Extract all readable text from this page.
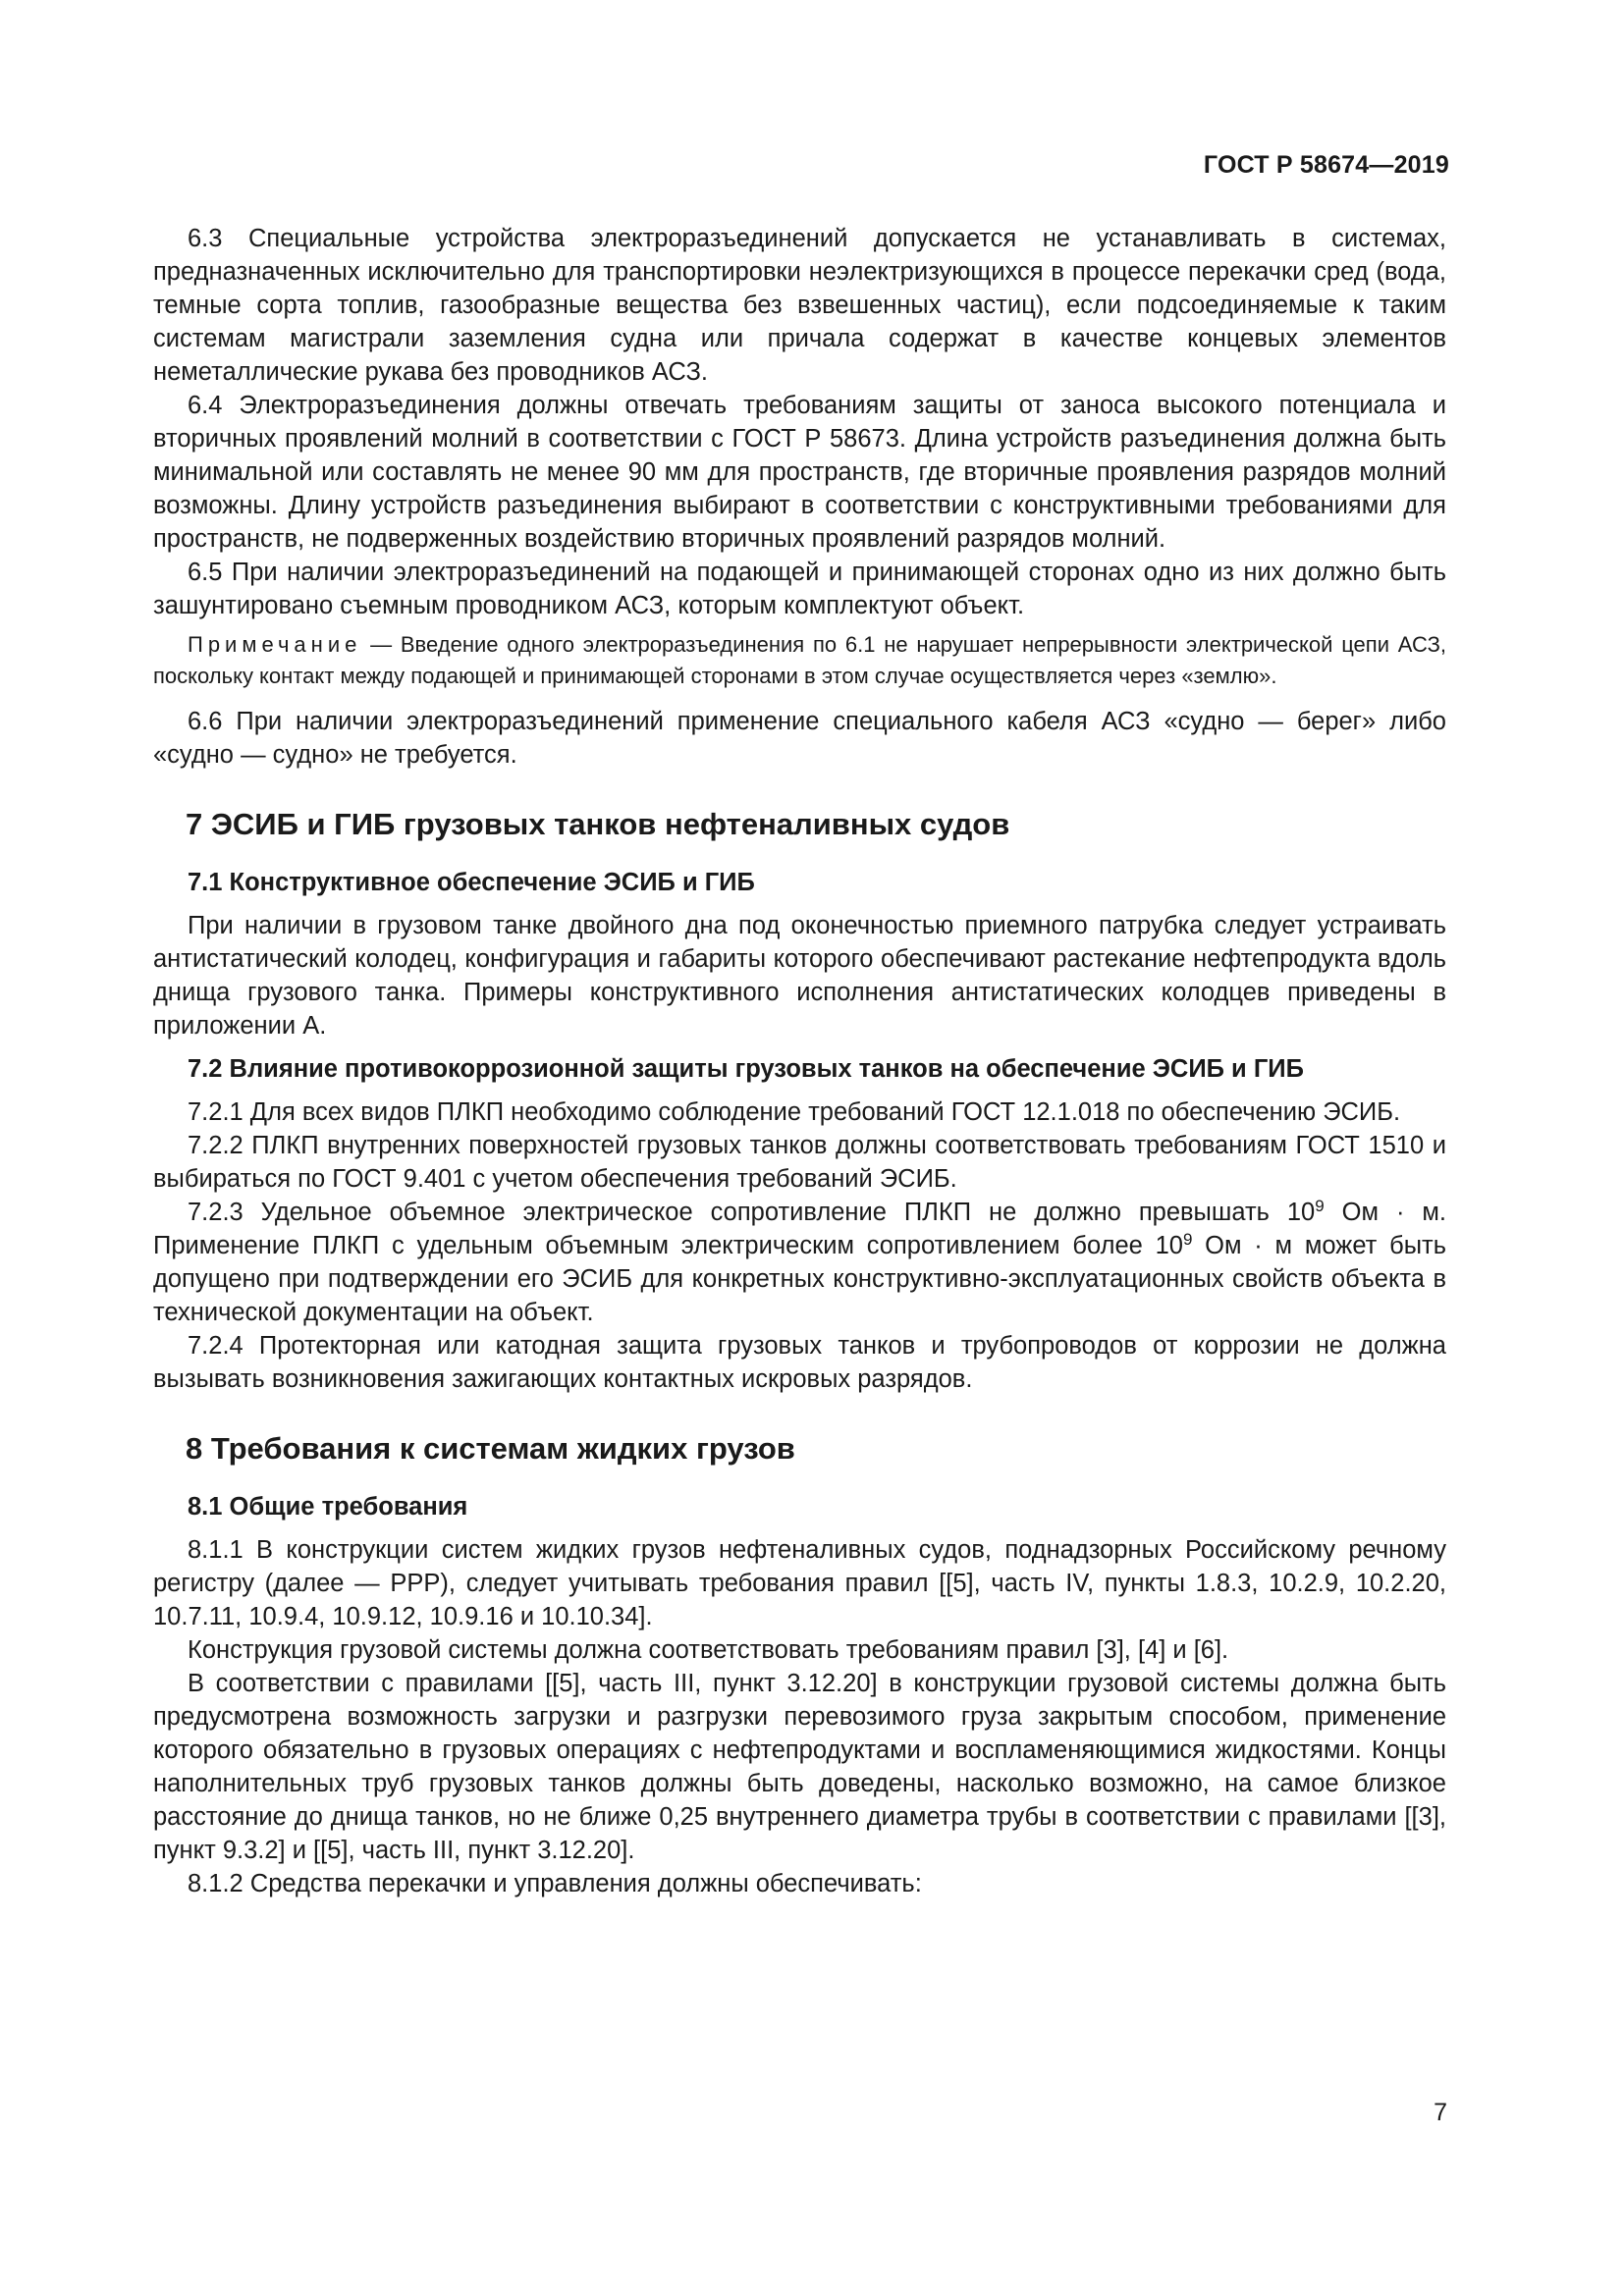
ГОСТ Р 58674—2019

6.3 Специальные устройства электроразъединений допускается не устанавливать в системах, предназначенных исключительно для транспортировки неэлектризующихся в процессе перекачки сред (вода, темные сорта топлив, газообразные вещества без взвешенных частиц), если подсоединяемые к таким системам магистрали заземления судна или причала содержат в качестве концевых элементов неметаллические рукава без проводников АСЗ.

6.4 Электроразъединения должны отвечать требованиям защиты от заноса высокого потенциала и вторичных проявлений молний в соответствии с ГОСТ Р 58673. Длина устройств разъединения должна быть минимальной или составлять не менее 90 мм для пространств, где вторичные проявления разрядов молний возможны. Длину устройств разъединения выбирают в соответствии с конструктивными требованиями для пространств, не подверженных воздействию вторичных проявлений разрядов молний.

6.5 При наличии электроразъединений на подающей и принимающей сторонах одно из них должно быть зашунтировано съемным проводником АСЗ, которым комплектуют объект.

Примечание — Введение одного электроразъединения по 6.1 не нарушает непрерывности электрической цепи АСЗ, поскольку контакт между подающей и принимающей сторонами в этом случае осуществляется через «землю».

6.6 При наличии электроразъединений применение специального кабеля АСЗ «судно — берег» либо «судно — судно» не требуется.

7 ЭСИБ и ГИБ грузовых танков нефтеналивных судов
7.1 Конструктивное обеспечение ЭСИБ и ГИБ

При наличии в грузовом танке двойного дна под оконечностью приемного патрубка следует устраивать антистатический колодец, конфигурация и габариты которого обеспечивают растекание нефтепродукта вдоль днища грузового танка. Примеры конструктивного исполнения антистатических колодцев приведены в приложении А.

7.2 Влияние противокоррозионной защиты грузовых танков на обеспечение ЭСИБ и ГИБ

7.2.1 Для всех видов ПЛКП необходимо соблюдение требований ГОСТ 12.1.018 по обеспечению ЭСИБ.

7.2.2 ПЛКП внутренних поверхностей грузовых танков должны соответствовать требованиям ГОСТ 1510 и выбираться по ГОСТ 9.401 с учетом обеспечения требований ЭСИБ.

7.2.3 Удельное объемное электрическое сопротивление ПЛКП не должно превышать $10^9$ Ом · м. Применение ПЛКП с удельным объемным электрическим сопротивлением более $10^9$ Ом · м может быть допущено при подтверждении его ЭСИБ для конкретных конструктивно-эксплуатационных свойств объекта в технической документации на объект.

7.2.4 Протекторная или катодная защита грузовых танков и трубопроводов от коррозии не должна вызывать возникновения зажигающих контактных искровых разрядов.

8 Требования к системам жидких грузов
8.1 Общие требования

8.1.1 В конструкции систем жидких грузов нефтеналивных судов, поднадзорных Российскому речному регистру (далее — РРР), следует учитывать требования правил [[5], часть IV, пункты 1.8.3, 10.2.9, 10.2.20, 10.7.11, 10.9.4, 10.9.12, 10.9.16 и 10.10.34].

Конструкция грузовой системы должна соответствовать требованиям правил [3], [4] и [6].

В соответствии с правилами [[5], часть III, пункт 3.12.20] в конструкции грузовой системы должна быть предусмотрена возможность загрузки и разгрузки перевозимого груза закрытым способом, применение которого обязательно в грузовых операциях с нефтепродуктами и воспламеняющимися жидкостями. Концы наполнительных труб грузовых танков должны быть доведены, насколько возможно, на самое близкое расстояние до днища танков, но не ближе 0,25 внутреннего диаметра трубы в соответствии с правилами [[3], пункт 9.3.2] и [[5], часть III, пункт 3.12.20].

8.1.2 Средства перекачки и управления должны обеспечивать:

7
